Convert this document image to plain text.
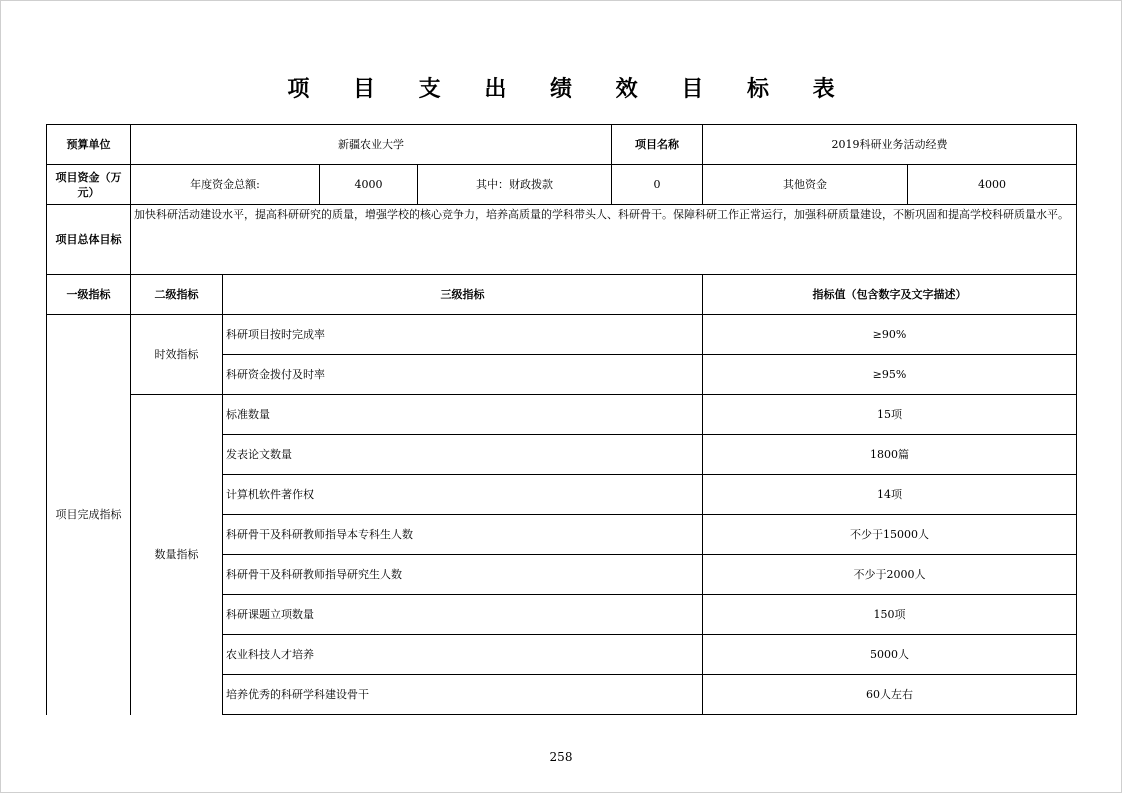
项 目 支 出 绩 效 目 标 表
预算单位	新疆农业大学				项目名称	2019科研业务活动经费	
项目资金（万元）	年度资金总额:		4000	其中：财政拨款	0	其他资金	4000
项目总体目标	加快科研活动建设水平，提高科研研究的质量，增强学校的核心竞争力，培养高质量的学科带头人、科研骨干。保障科研工作正常运行，加强科研质量建设，不断巩固和提高学校科研质量水平。						
一级指标	二级指标	三级指标				指标值（包含数字及文字描述）	
项目完成指标	时效指标	科研项目按时完成率				≥90%	
		科研资金拨付及时率				≥95%	
	数量指标	标准数量				15项	
		发表论文数量				1800篇	
		计算机软件著作权				14项	
		科研骨干及科研教师指导本专科生人数				不少于15000人	
		科研骨干及科研教师指导研究生人数				不少于2000人	
		科研课题立项数量				150项	
		农业科技人才培养				5000人	
		培养优秀的科研学科建设骨干				60人左右	

258
